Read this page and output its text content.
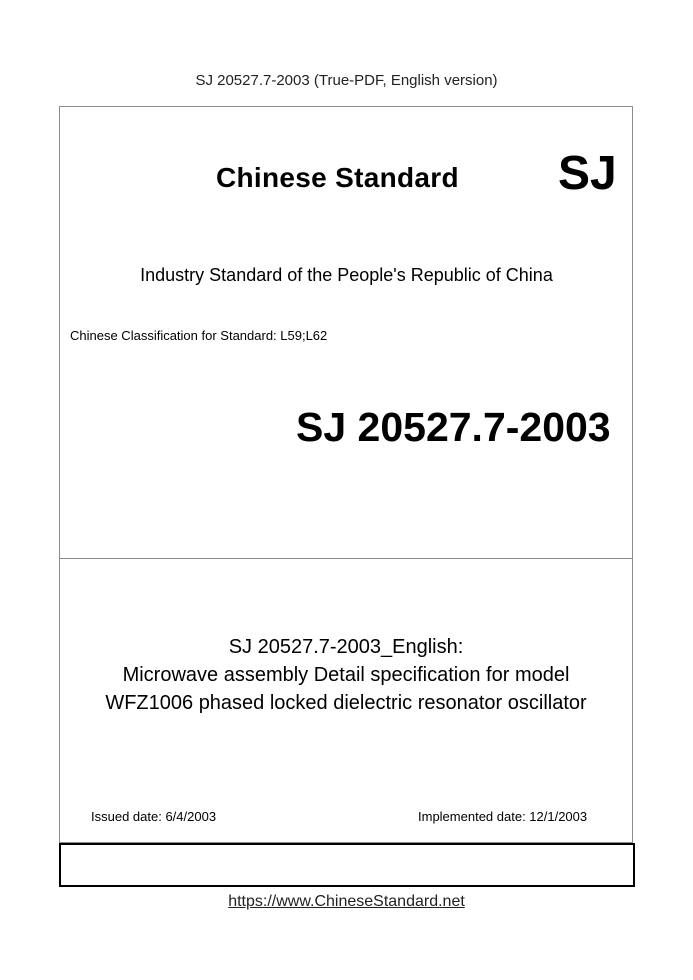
SJ 20527.7-2003 (True-PDF, English version)
Chinese Standard SJ
Industry Standard of the People's Republic of China
Chinese Classification for Standard: L59;L62
SJ 20527.7-2003
SJ 20527.7-2003_English:
Microwave assembly Detail specification for model
WFZ1006 phased locked dielectric resonator oscillator
Issued date: 6/4/2003	Implemented date: 12/1/2003
https://www.ChineseStandard.net
